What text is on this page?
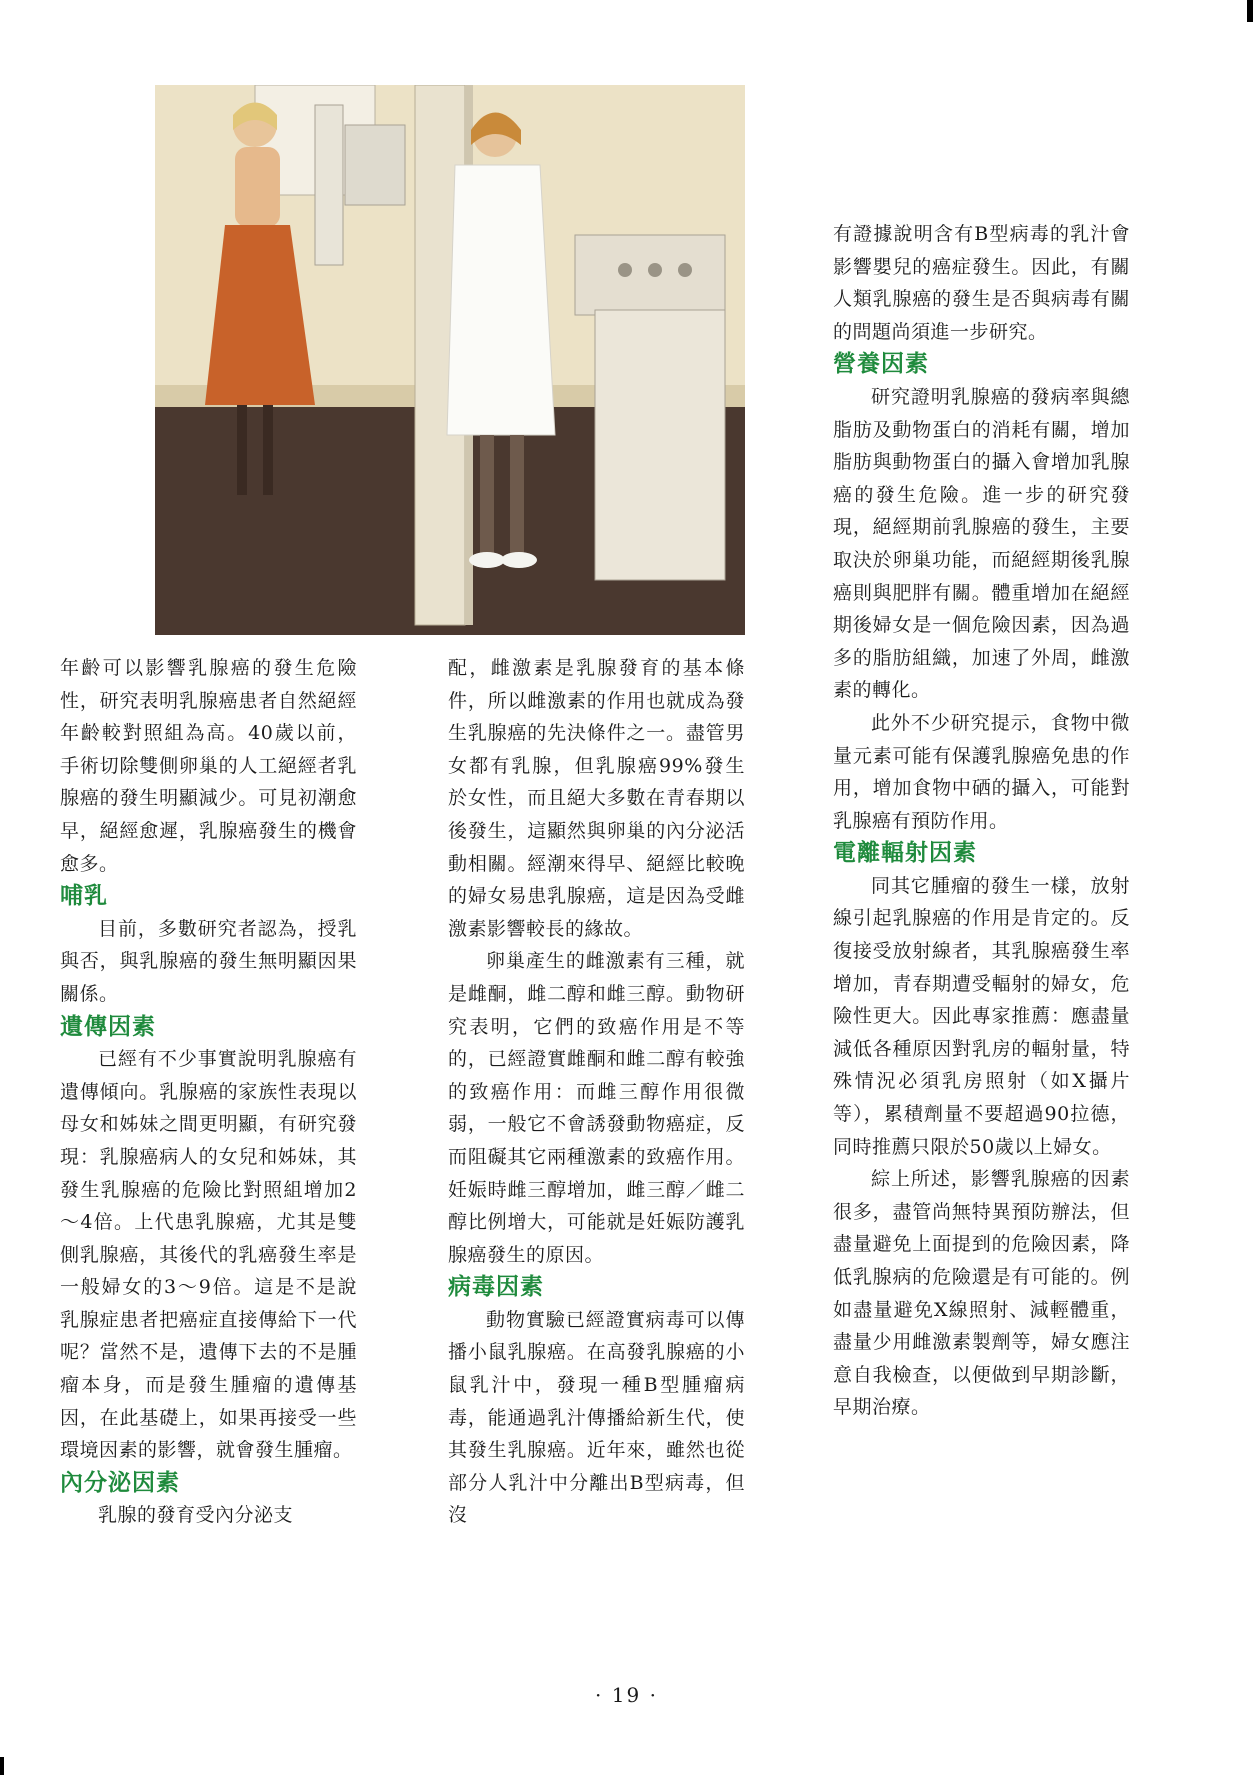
年齡可以影響乳腺癌的發生危險性，研究表明乳腺癌患者自然絕經年齡較對照組為高。40歲以前，手術切除雙側卵巢的人工絕經者乳腺癌的發生明顯減少。可見初潮愈早，絕經愈遲，乳腺癌發生的機會愈多。

哺乳

目前，多數研究者認為，授乳與否，與乳腺癌的發生無明顯因果關係。

遺傳因素

已經有不少事實說明乳腺癌有遺傳傾向。乳腺癌的家族性表現以母女和姊妹之間更明顯，有研究發現：乳腺癌病人的女兒和姊妹，其發生乳腺癌的危險比對照組增加2～4倍。上代患乳腺癌，尤其是雙側乳腺癌，其後代的乳癌發生率是一般婦女的3～9倍。這是不是說乳腺症患者把癌症直接傳給下一代呢？當然不是，遺傳下去的不是腫瘤本身，而是發生腫瘤的遺傳基因，在此基礎上，如果再接受一些環境因素的影響，就會發生腫瘤。

內分泌因素

乳腺的發育受內分泌支

配，雌激素是乳腺發育的基本條件，所以雌激素的作用也就成為發生乳腺癌的先決條件之一。盡管男女都有乳腺，但乳腺癌99%發生於女性，而且絕大多數在青春期以後發生，這顯然與卵巢的內分泌活動相關。經潮來得早、絕經比較晚的婦女易患乳腺癌，這是因為受雌激素影響較長的緣故。

卵巢產生的雌激素有三種，就是雌酮，雌二醇和雌三醇。動物研究表明，它們的致癌作用是不等的，已經證實雌酮和雌二醇有較強的致癌作用：而雌三醇作用很微弱，一般它不會誘發動物癌症，反而阻礙其它兩種激素的致癌作用。妊娠時雌三醇增加，雌三醇／雌二醇比例增大，可能就是妊娠防護乳腺癌發生的原因。

病毒因素

動物實驗已經證實病毒可以傳播小鼠乳腺癌。在高發乳腺癌的小鼠乳汁中，發現一種B型腫瘤病毒，能通過乳汁傳播給新生代，使其發生乳腺癌。近年來，雖然也從部分人乳汁中分離出B型病毒，但沒

有證據說明含有B型病毒的乳汁會影響嬰兒的癌症發生。因此，有關人類乳腺癌的發生是否與病毒有關的問題尚須進一步研究。

營養因素

研究證明乳腺癌的發病率與總脂肪及動物蛋白的消耗有關，增加脂肪與動物蛋白的攝入會增加乳腺癌的發生危險。進一步的研究發現，絕經期前乳腺癌的發生，主要取決於卵巢功能，而絕經期後乳腺癌則與肥胖有關。體重增加在絕經期後婦女是一個危險因素，因為過多的脂肪組織，加速了外周，雌激素的轉化。

此外不少研究提示，食物中微量元素可能有保護乳腺癌免患的作用，增加食物中硒的攝入，可能對乳腺癌有預防作用。

電離輻射因素

同其它腫瘤的發生一樣，放射線引起乳腺癌的作用是肯定的。反復接受放射線者，其乳腺癌發生率增加，青春期遭受輻射的婦女，危險性更大。因此專家推薦：應盡量減低各種原因對乳房的輻射量，特殊情況必須乳房照射（如X攝片等），累積劑量不要超過90拉德，同時推薦只限於50歲以上婦女。

綜上所述，影響乳腺癌的因素很多，盡管尚無特異預防辦法，但盡量避免上面提到的危險因素，降低乳腺病的危險還是有可能的。例如盡量避免X線照射、減輕體重，盡量少用雌激素製劑等，婦女應注意自我檢查，以便做到早期診斷，早期治療。

· 19 ·
